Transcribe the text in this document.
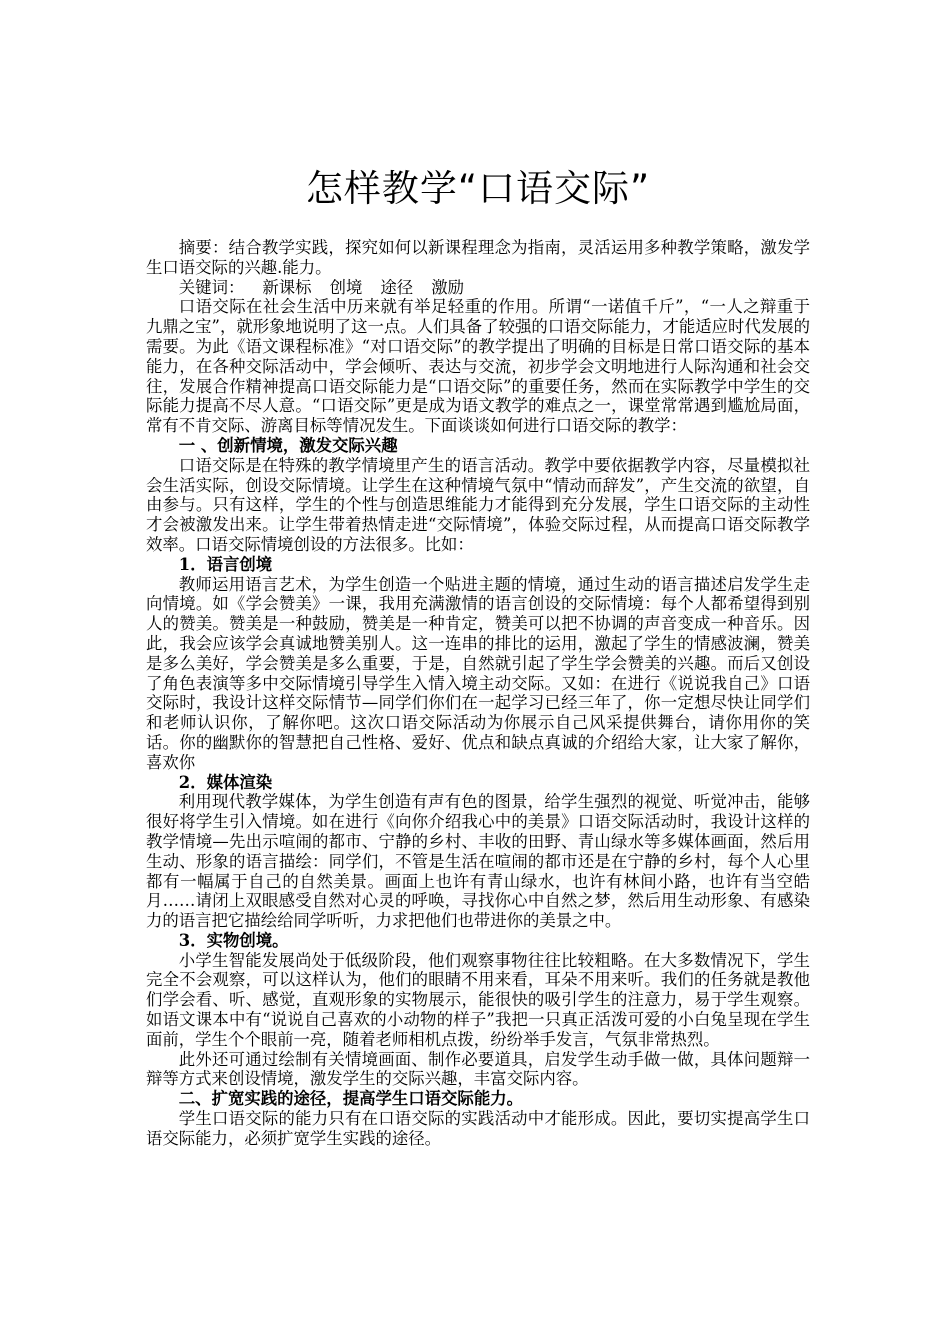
怎样教学“口语交际”

摘要：结合教学实践，探究如何以新课程理念为指南，灵活运用多种教学策略，激发学生口语交际的兴趣.能力。

关键词： 新课标 创境 途径 激励

口语交际在社会生活中历来就有举足轻重的作用。所谓“一诺值千斤”，“一人之辩重于九鼎之宝”，就形象地说明了这一点。人们具备了较强的口语交际能力，才能适应时代发展的需要。为此《语文课程标准》“对口语交际”的教学提出了明确的目标是日常口语交际的基本能力，在各种交际活动中，学会倾听、表达与交流，初步学会文明地进行人际沟通和社会交往，发展合作精神提高口语交际能力是“口语交际”的重要任务，然而在实际教学中学生的交际能力提高不尽人意。“口语交际”更是成为语文教学的难点之一，课堂常常遇到尴尬局面，常有不肯交际、游离目标等情况发生。下面谈谈如何进行口语交际的教学：

一 、创新情境，激发交际兴趣

口语交际是在特殊的教学情境里产生的语言活动。教学中要依据教学内容，尽量模拟社会生活实际，创设交际情境。让学生在这种情境气氛中“情动而辞发”，产生交流的欲望，自由参与。只有这样，学生的个性与创造思维能力才能得到充分发展，学生口语交际的主动性才会被激发出来。让学生带着热情走进“交际情境”，体验交际过程，从而提高口语交际教学效率。口语交际情境创设的方法很多。比如：

1．语言创境

教师运用语言艺术，为学生创造一个贴进主题的情境，通过生动的语言描述启发学生走向情境。如《学会赞美》一课，我用充满激情的语言创设的交际情境：每个人都希望得到别人的赞美。赞美是一种鼓励，赞美是一种肯定，赞美可以把不协调的声音变成一种音乐。因此，我会应该学会真诚地赞美别人。这一连串的排比的运用，激起了学生的情感波澜，赞美是多么美好，学会赞美是多么重要，于是，自然就引起了学生学会赞美的兴趣。而后又创设了角色表演等多中交际情境引导学生入情入境主动交际。又如：在进行《说说我自己》口语交际时，我设计这样交际情节—同学们你们在一起学习已经三年了，你一定想尽快让同学们和老师认识你，了解你吧。这次口语交际活动为你展示自己风采提供舞台，请你用你的笑话。你的幽默你的智慧把自己性格、爱好、优点和缺点真诚的介绍给大家，让大家了解你，喜欢你

2．媒体渲染

利用现代教学媒体，为学生创造有声有色的图景，给学生强烈的视觉、听觉冲击，能够很好将学生引入情境。如在进行《向你介绍我心中的美景》口语交际活动时，我设计这样的教学情境—先出示喧闹的都市、宁静的乡村、丰收的田野、青山绿水等多媒体画面，然后用生动、形象的语言描绘：同学们，不管是生活在喧闹的都市还是在宁静的乡村，每个人心里都有一幅属于自己的自然美景。画面上也许有青山绿水，也许有林间小路，也许有当空皓月……请闭上双眼感受自然对心灵的呼唤，寻找你心中自然之梦，然后用生动形象、有感染力的语言把它描绘给同学听听，力求把他们也带进你的美景之中。

3．实物创境。

小学生智能发展尚处于低级阶段，他们观察事物往往比较粗略。在大多数情况下，学生完全不会观察，可以这样认为，他们的眼睛不用来看，耳朵不用来听。我们的任务就是教他们学会看、听、感觉，直观形象的实物展示，能很快的吸引学生的注意力，易于学生观察。如语文课本中有“说说自己喜欢的小动物的样子”我把一只真正活泼可爱的小白兔呈现在学生面前，学生个个眼前一亮，随着老师相机点拨，纷纷举手发言，气氛非常热烈。

此外还可通过绘制有关情境画面、制作必要道具，启发学生动手做一做，具体问题辩一辩等方式来创设情境，激发学生的交际兴趣，丰富交际内容。

二、扩宽实践的途径，提高学生口语交际能力。

学生口语交际的能力只有在口语交际的实践活动中才能形成。因此，要切实提高学生口语交际能力，必须扩宽学生实践的途径。
